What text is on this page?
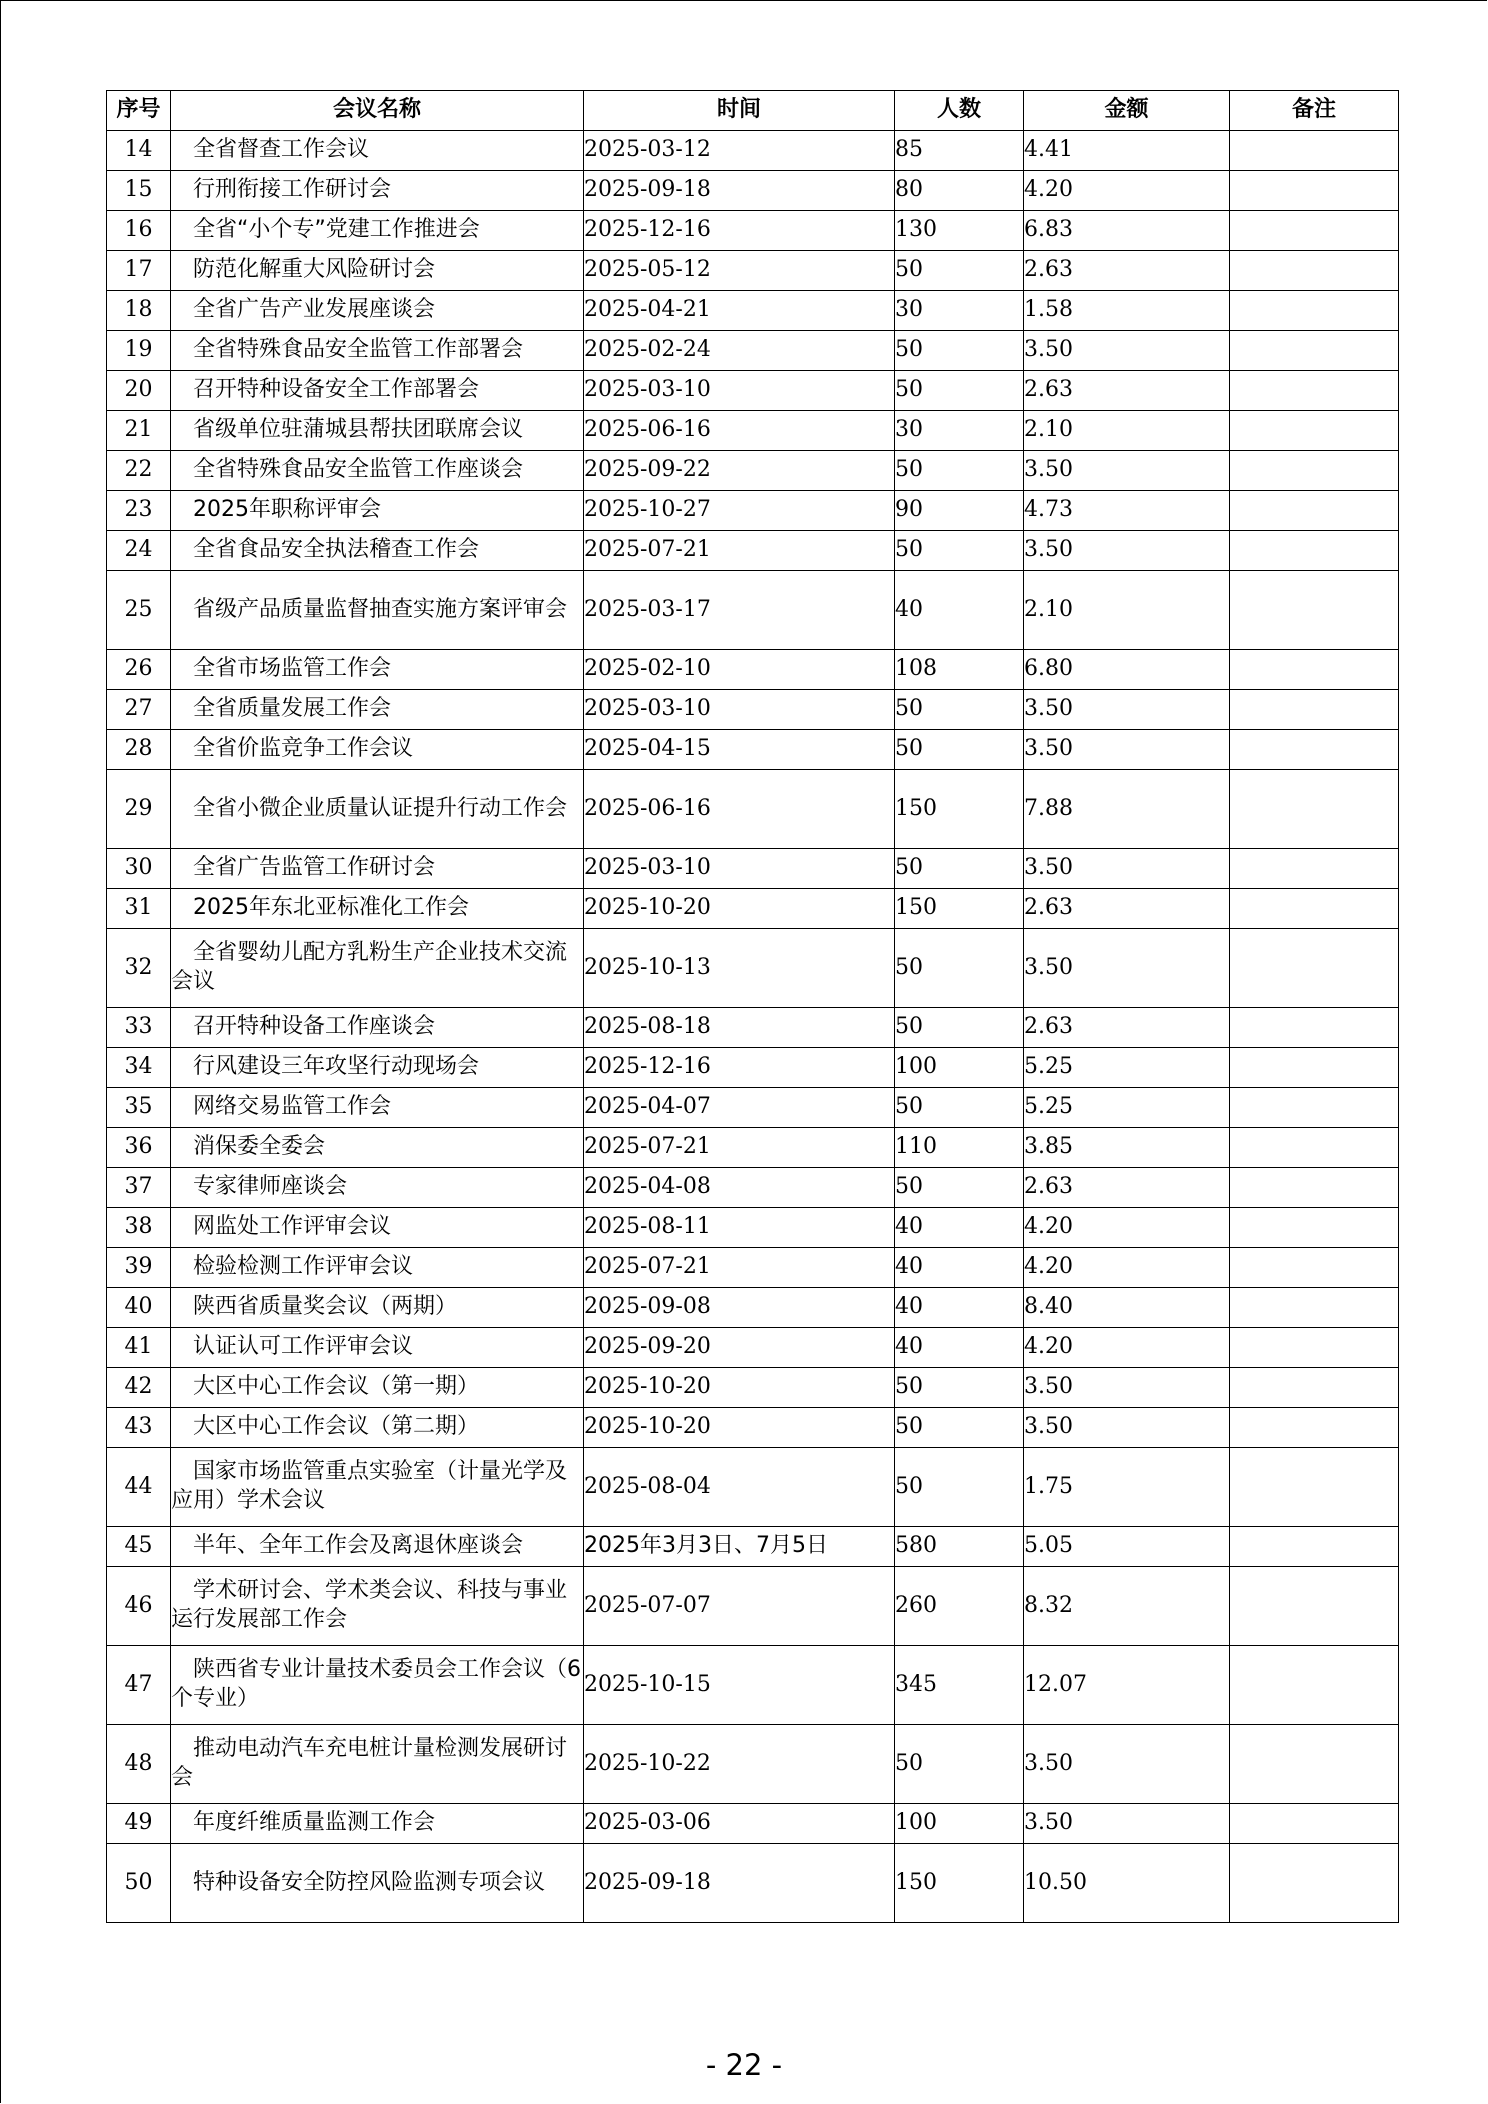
序号	会议名称	时间	人数	金额	备注
14	全省督查工作会议	2025-03-12	85	4.41	
15	行刑衔接工作研讨会	2025-09-18	80	4.20	
16	全省“小个专”党建工作推进会	2025-12-16	130	6.83	
17	防范化解重大风险研讨会	2025-05-12	50	2.63	
18	全省广告产业发展座谈会	2025-04-21	30	1.58	
19	全省特殊食品安全监管工作部署会	2025-02-24	50	3.50	
20	召开特种设备安全工作部署会	2025-03-10	50	2.63	
21	省级单位驻蒲城县帮扶团联席会议	2025-06-16	30	2.10	
22	全省特殊食品安全监管工作座谈会	2025-09-22	50	3.50	
23	2025年职称评审会	2025-10-27	90	4.73	
24	全省食品安全执法稽查工作会	2025-07-21	50	3.50	
25	省级产品质量监督抽查实施方案评审会	2025-03-17	40	2.10	
26	全省市场监管工作会	2025-02-10	108	6.80	
27	全省质量发展工作会	2025-03-10	50	3.50	
28	全省价监竞争工作会议	2025-04-15	50	3.50	
29	全省小微企业质量认证提升行动工作会	2025-06-16	150	7.88	
30	全省广告监管工作研讨会	2025-03-10	50	3.50	
31	2025年东北亚标准化工作会	2025-10-20	150	2.63	
32	全省婴幼儿配方乳粉生产企业技术交流会议	2025-10-13	50	3.50	
33	召开特种设备工作座谈会	2025-08-18	50	2.63	
34	行风建设三年攻坚行动现场会	2025-12-16	100	5.25	
35	网络交易监管工作会	2025-04-07	50	5.25	
36	消保委全委会	2025-07-21	110	3.85	
37	专家律师座谈会	2025-04-08	50	2.63	
38	网监处工作评审会议	2025-08-11	40	4.20	
39	检验检测工作评审会议	2025-07-21	40	4.20	
40	陕西省质量奖会议（两期）	2025-09-08	40	8.40	
41	认证认可工作评审会议	2025-09-20	40	4.20	
42	大区中心工作会议（第一期）	2025-10-20	50	3.50	
43	大区中心工作会议（第二期）	2025-10-20	50	3.50	
44	国家市场监管重点实验室（计量光学及应用）学术会议	2025-08-04	50	1.75	
45	半年、全年工作会及离退休座谈会	2025年3月3日、7月5日	580	5.05	
46	学术研讨会、学术类会议、科技与事业运行发展部工作会	2025-07-07	260	8.32	
47	陕西省专业计量技术委员会工作会议（6个专业）	2025-10-15	345	12.07	
48	推动电动汽车充电桩计量检测发展研讨会	2025-10-22	50	3.50	
49	年度纤维质量监测工作会	2025-03-06	100	3.50	
50	特种设备安全防控风险监测专项会议	2025-09-18	150	10.50	
- 22 -
